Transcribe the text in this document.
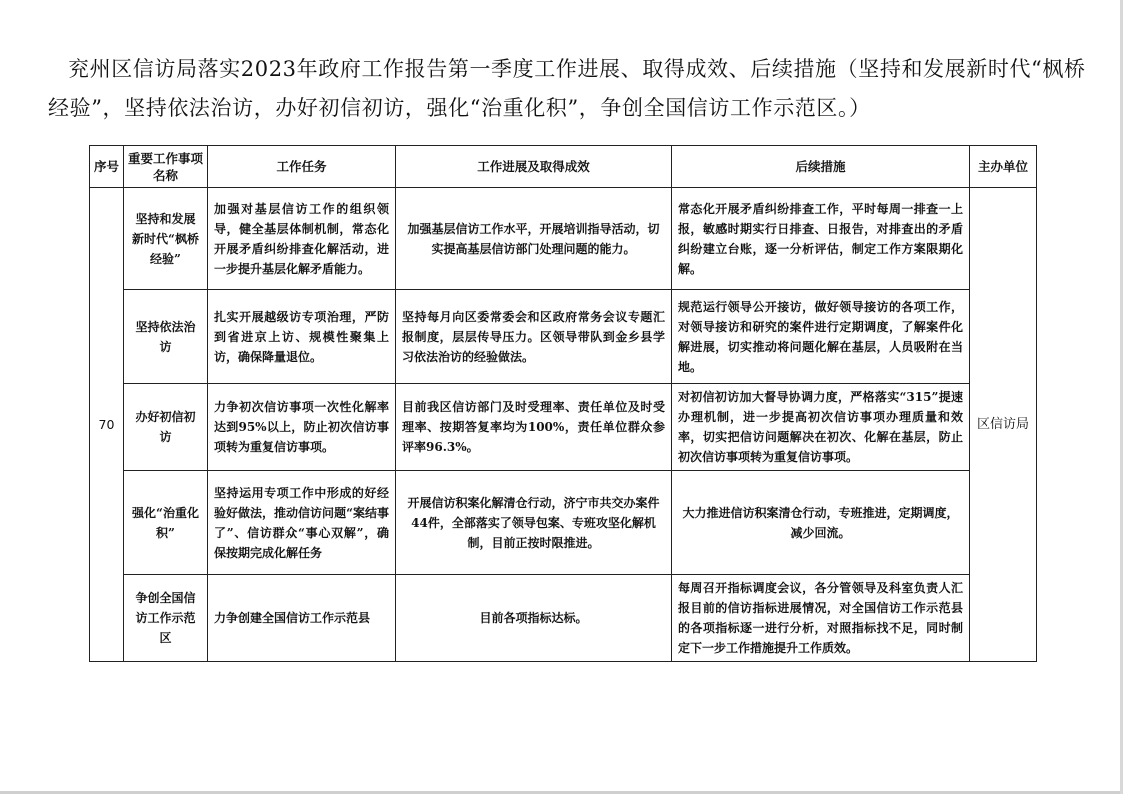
兖州区信访局落实2023年政府工作报告第一季度工作进展、取得成效、后续措施（坚持和发展新时代“枫桥经验”，坚持依法治访，办好初信初访，强化“治重化积”，争创全国信访工作示范区。）
序号	重要工作事项名称	工作任务	工作进展及取得成效	后续措施	主办单位
70	坚持和发展新时代“枫桥经验”	加强对基层信访工作的组织领导，健全基层体制机制，常态化开展矛盾纠纷排查化解活动，进一步提升基层化解矛盾能力。	加强基层信访工作水平，开展培训指导活动，切实提高基层信访部门处理问题的能力。	常态化开展矛盾纠纷排查工作，平时每周一排查一上报，敏感时期实行日排查、日报告，对排查出的矛盾纠纷建立台账，逐一分析评估，制定工作方案限期化解。	区信访局
	坚持依法治访	扎实开展越级访专项治理，严防到省进京上访、规模性聚集上访，确保降量退位。	坚持每月向区委常委会和区政府常务会议专题汇报制度，层层传导压力。区领导带队到金乡县学习依法治访的经验做法。	规范运行领导公开接访，做好领导接访的各项工作，对领导接访和研究的案件进行定期调度，了解案件化解进展，切实推动将问题化解在基层，人员吸附在当地。	
	办好初信初访	力争初次信访事项一次性化解率达到95%以上，防止初次信访事项转为重复信访事项。	目前我区信访部门及时受理率、责任单位及时受理率、按期答复率均为100%，责任单位群众参评率96.3%。	对初信初访加大督导协调力度，严格落实“315”提速办理机制，进一步提高初次信访事项办理质量和效率，切实把信访问题解决在初次、化解在基层，防止初次信访事项转为重复信访事项。	
	强化“治重化积”	坚持运用专项工作中形成的好经验好做法，推动信访问题“案结事了”、信访群众“事心双解”，确保按期完成化解任务	开展信访积案化解清仓行动，济宁市共交办案件44件，全部落实了领导包案、专班攻坚化解机制，目前正按时限推进。	大力推进信访积案清仓行动，专班推进，定期调度，减少回流。	
	争创全国信访工作示范区	力争创建全国信访工作示范县	目前各项指标达标。	每周召开指标调度会议，各分管领导及科室负责人汇报目前的信访指标进展情况，对全国信访工作示范县的各项指标逐一进行分析，对照指标找不足，同时制定下一步工作措施提升工作质效。	
